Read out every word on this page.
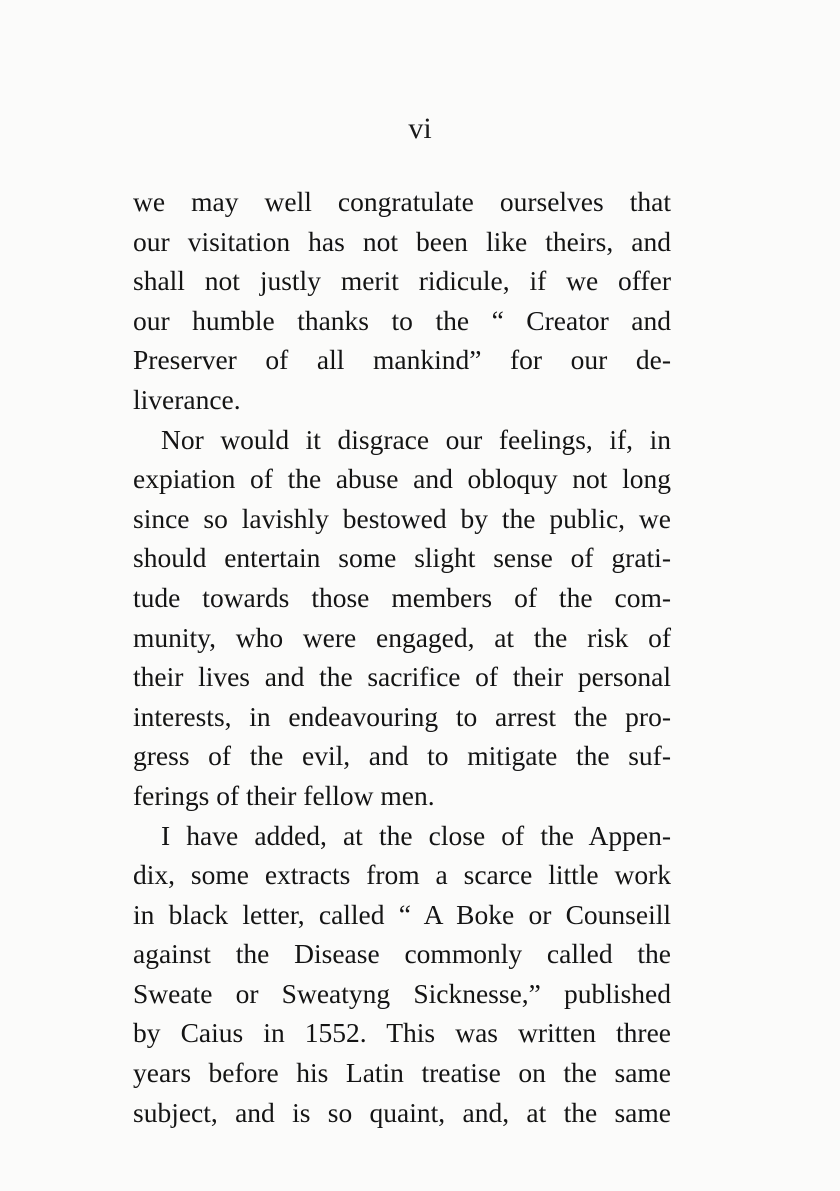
vi
we may well congratulate ourselves that
our visitation has not been like theirs, and
shall not justly merit ridicule, if we offer
our humble thanks to the “ Creator and
Preserver of all mankind” for our de-
liverance.
Nor would it disgrace our feelings, if, in
expiation of the abuse and obloquy not long
since so lavishly bestowed by the public, we
should entertain some slight sense of grati-
tude towards those members of the com-
munity, who were engaged, at the risk of
their lives and the sacrifice of their personal
interests, in endeavouring to arrest the pro-
gress of the evil, and to mitigate the suf-
ferings of their fellow men.
I have added, at the close of the Appen-
dix, some extracts from a scarce little work
in black letter, called “ A Boke or Counseill
against the Disease commonly called the
Sweate or Sweatyng Sicknesse,” published
by Caius in 1552. This was written three
years before his Latin treatise on the same
subject, and is so quaint, and, at the same
